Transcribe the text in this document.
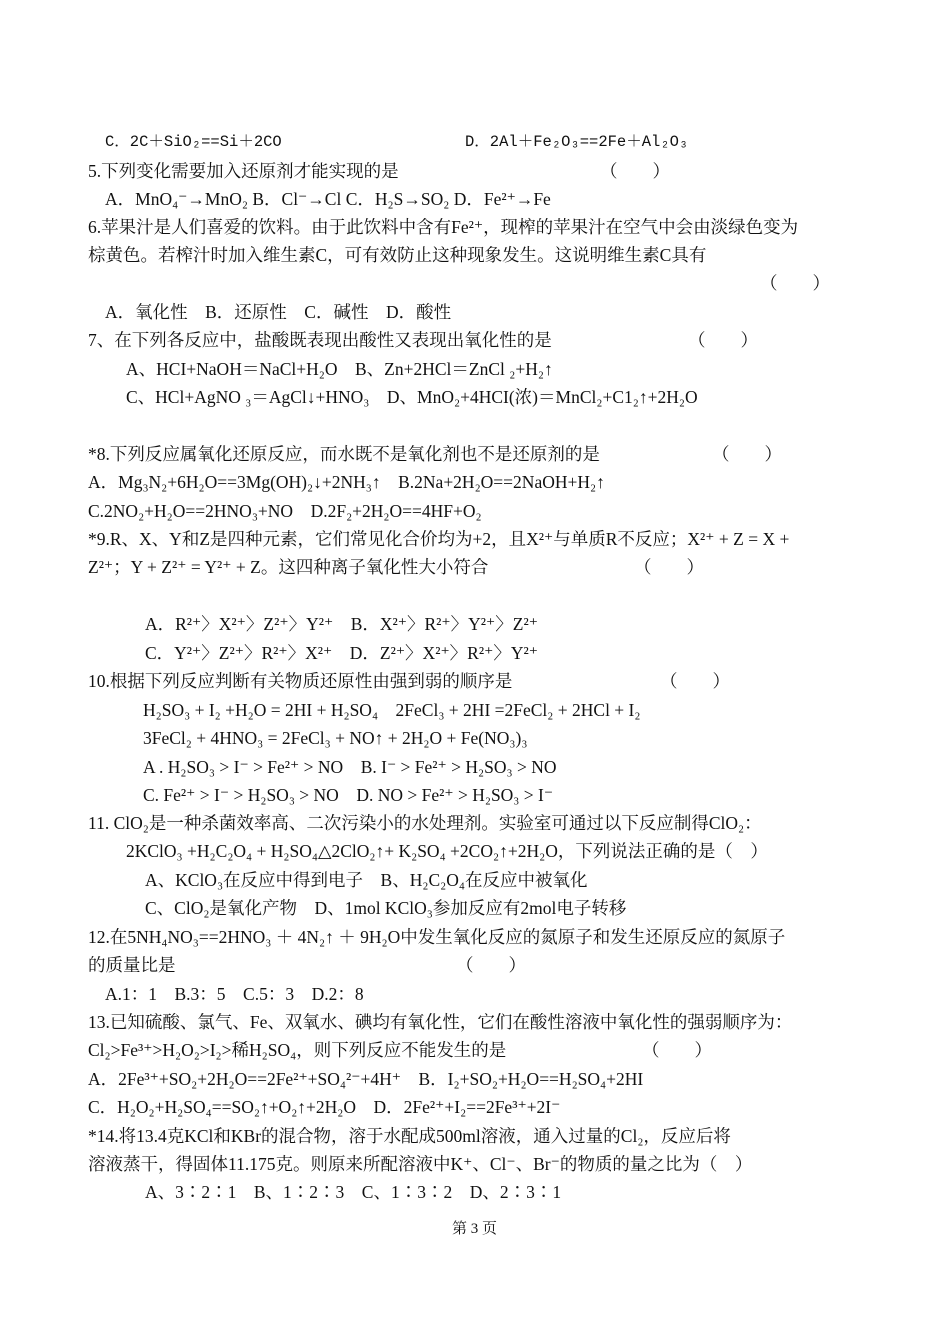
C．2C＋SiO₂==Si＋2CO	D．2Al＋Fe₂O₃==2Fe＋Al₂O₃
5.下列变化需要加入还原剂才能实现的是	（　　）
A．MnO₄⁻→MnO₂ B．Cl⁻→Cl C．H₂S→SO₂ D．Fe²⁺→Fe
6.苹果汁是人们喜爱的饮料。由于此饮料中含有Fe²⁺，现榨的苹果汁在空气中会由淡绿色变为
棕黄色。若榨汁时加入维生素C，可有效防止这种现象发生。这说明维生素C具有
（　　）
A．氧化性　B．还原性　C．碱性　D．酸性
7、在下列各反应中，盐酸既表现出酸性又表现出氧化性的是	（　　）
A、HCI+NaOH＝NaCl+H₂O　B、Zn+2HCl＝ZnCl ₂+H₂↑
C、HCl+AgNO ₃＝AgCl↓+HNO₃　D、MnO₂+4HCI(浓)＝MnCl₂+C1₂↑+2H₂O
*8.下列反应属氧化还原反应，而水既不是氧化剂也不是还原剂的是	（　　）
A．Mg₃N₂+6H₂O==3Mg(OH)₂↓+2NH₃↑　B.2Na+2H₂O==2NaOH+H₂↑
C.2NO₂+H₂O==2HNO₃+NO　D.2F₂+2H₂O==4HF+O₂
*9.R、X、Y和Z是四种元素，它们常见化合价均为+2，且X²⁺与单质R不反应；X²⁺ + Z = X +
Z²⁺；Y + Z²⁺ = Y²⁺ + Z。这四种离子氧化性大小符合	（　　）
A．R²⁺〉X²⁺〉Z²⁺〉Y²⁺　B．X²⁺〉R²⁺〉Y²⁺〉Z²⁺
C．Y²⁺〉Z²⁺〉R²⁺〉X²⁺　D．Z²⁺〉X²⁺〉R²⁺〉Y²⁺
10.根据下列反应判断有关物质还原性由强到弱的顺序是	（　　）
H₂SO₃ + I₂ +H₂O = 2HI + H₂SO₄　2FeCl₃ + 2HI =2FeCl₂ + 2HCl + I₂
3FeCl₂ + 4HNO₃ = 2FeCl₃ + NO↑ + 2H₂O + Fe(NO₃)₃
A . H₂SO₃ > I⁻ > Fe²⁺ > NO　B. I⁻ > Fe²⁺ > H₂SO₃ > NO
C. Fe²⁺ > I⁻ > H₂SO₃ > NO　D. NO > Fe²⁺ > H₂SO₃ > I⁻
11. ClO₂是一种杀菌效率高、二次污染小的水处理剂。实验室可通过以下反应制得ClO₂：
2KClO₃ +H₂C₂O₄ + H₂SO₄△2ClO₂↑+ K₂SO₄ +2CO₂↑+2H₂O，下列说法正确的是（　）
A、KClO₃在反应中得到电子　B、H₂C₂O₄在反应中被氧化
C、ClO₂是氧化产物　D、1mol KClO₃参加反应有2mol电子转移
12.在5NH₄NO₃==2HNO₃ ＋ 4N₂↑ ＋ 9H₂O中发生氧化反应的氮原子和发生还原反应的氮原子
的质量比是	（　　）
A.1：1　B.3：5　C.5：3　D.2：8
13.已知硫酸、氯气、Fe、双氧水、碘均有氧化性，它们在酸性溶液中氧化性的强弱顺序为：
Cl₂>Fe³⁺>H₂O₂>I₂>稀H₂SO₄，则下列反应不能发生的是	（　　）
A．2Fe³⁺+SO₂+2H₂O==2Fe²⁺+SO₄²⁻+4H⁺　B．I₂+SO₂+H₂O==H₂SO₄+2HI
C．H₂O₂+H₂SO₄==SO₂↑+O₂↑+2H₂O　D．2Fe²⁺+I₂==2Fe³⁺+2I⁻
*14.将13.4克KCl和KBr的混合物，溶于水配成500ml溶液，通入过量的Cl₂，反应后将
溶液蒸干，得固体11.175克。则原来所配溶液中K⁺、Cl⁻、Br⁻的物质的量之比为（　）
A、3∶2∶1　B、1∶2∶3　C、1∶3∶2　D、2∶3∶1
第 3 页
